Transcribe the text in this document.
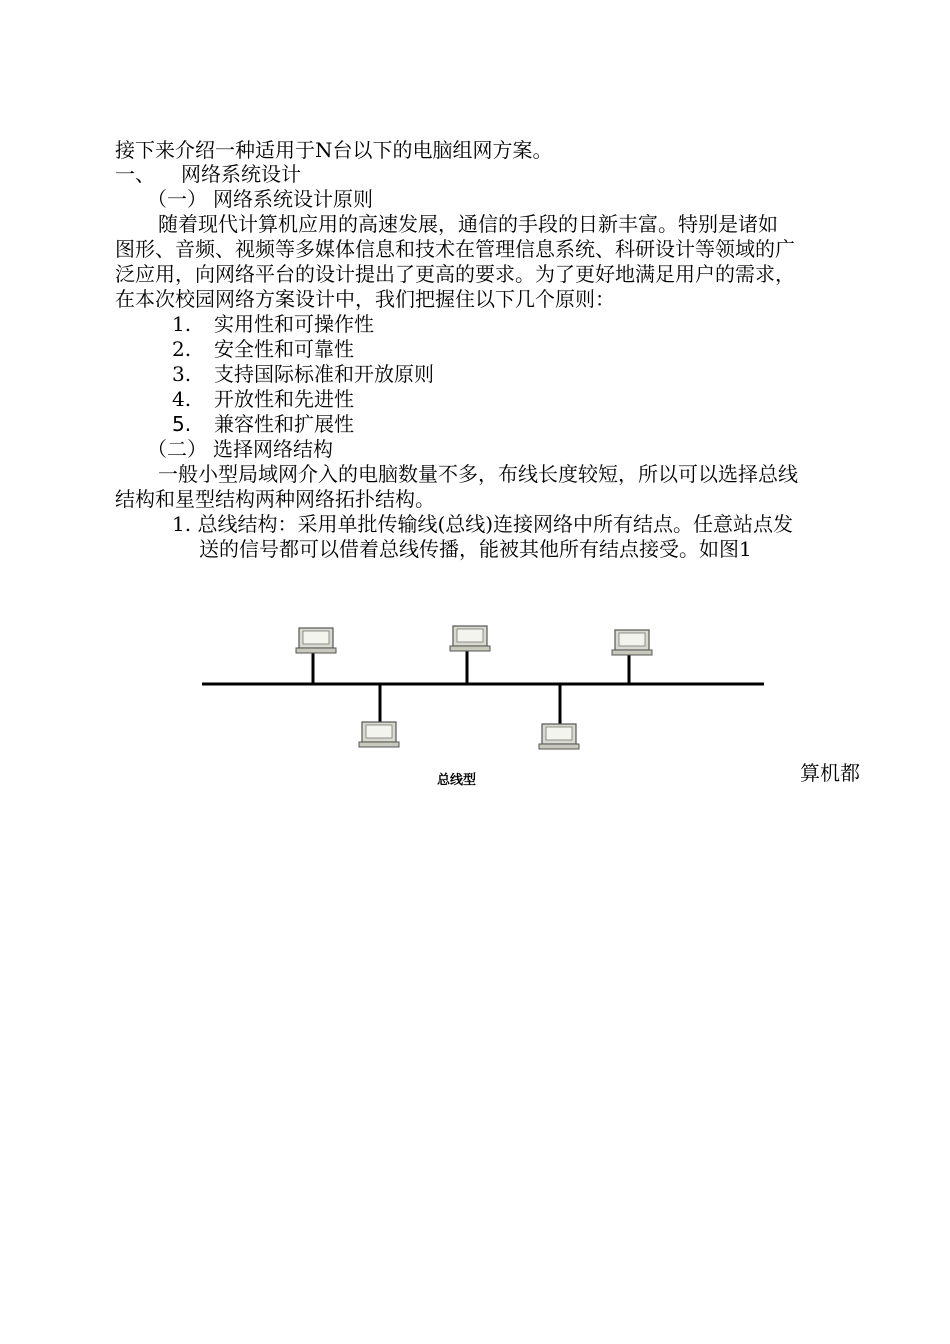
接下来介绍一种适用于N台以下的电脑组网方案。
一、 网络系统设计
（一） 网络系统设计原则
随着现代计算机应用的高速发展，通信的手段的日新丰富。特别是诸如
图形、音频、视频等多媒体信息和技术在管理信息系统、科研设计等领域的广
泛应用，向网络平台的设计提出了更高的要求。为了更好地满足用户的需求，
在本次校园网络方案设计中，我们把握住以下几个原则：
1. 实用性和可操作性
2. 安全性和可靠性
3. 支持国际标准和开放原则
4. 开放性和先进性
5. 兼容性和扩展性
（二） 选择网络结构
一般小型局域网介入的电脑数量不多，布线长度较短，所以可以选择总线
结构和星型结构两种网络拓扑结构。
1. 总线结构：采用单批传输线(总线)连接网络中所有结点。任意站点发
送的信号都可以借着总线传播，能被其他所有结点接受。如图1
总线型	算机都
